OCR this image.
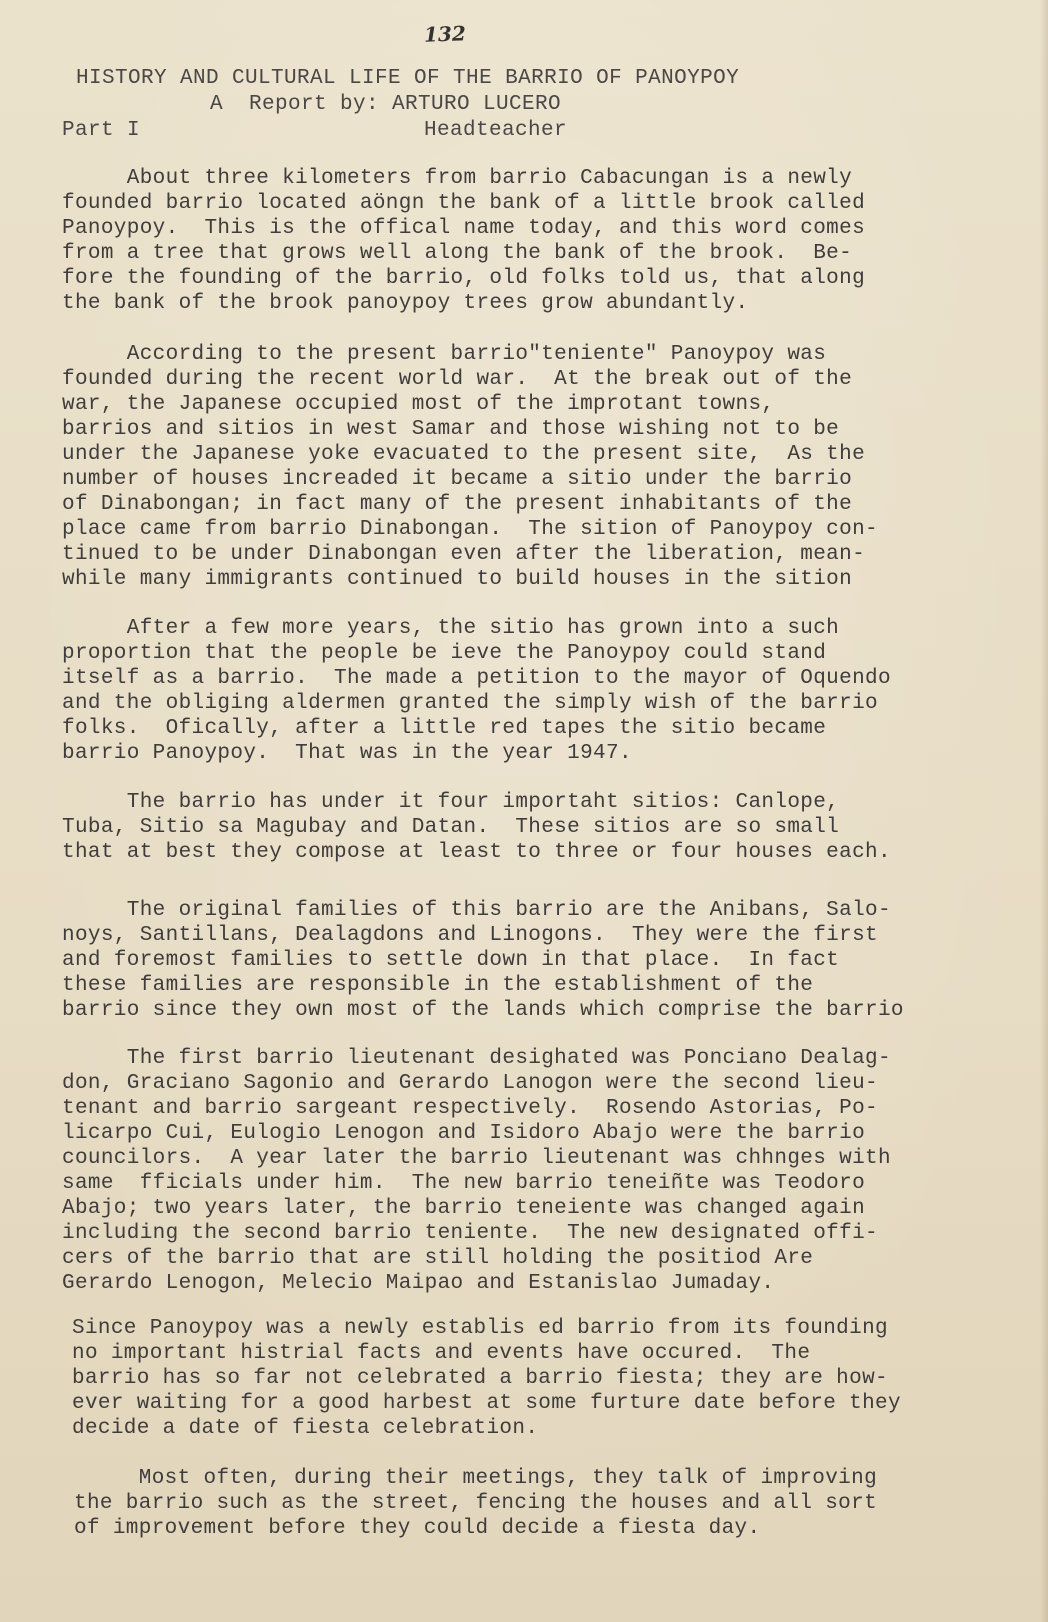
132
HISTORY AND CULTURAL LIFE OF THE BARRIO OF PANOYPOY
A  Report by: ARTURO LUCERO
Part I	Headteacher
About three kilometers from barrio Cabacungan is a newly
founded barrio located aöngn the bank of a little brook called
Panoypoy.  This is the offical name today, and this word comes
from a tree that grows well along the bank of the brook.  Be-
fore the founding of the barrio, old folks told us, that along
the bank of the brook panoypoy trees grow abundantly.
According to the present barrio"teniente" Panoypoy was
founded during the recent world war.  At the break out of the
war, the Japanese occupied most of the improtant towns,
barrios and sitios in west Samar and those wishing not to be
under the Japanese yoke evacuated to the present site,  As the
number of houses increaded it became a sitio under the barrio
of Dinabongan; in fact many of the present inhabitants of the
place came from barrio Dinabongan.  The sition of Panoypoy con-
tinued to be under Dinabongan even after the liberation, mean-
while many immigrants continued to build houses in the sition
After a few more years, the sitio has grown into a such
proportion that the people be ieve the Panoypoy could stand
itself as a barrio.  The made a petition to the mayor of Oquendo
and the obliging aldermen granted the simply wish of the barrio
folks.  Ofically, after a little red tapes the sitio became
barrio Panoypoy.  That was in the year 1947.
The barrio has under it four importaht sitios: Canlope,
Tuba, Sitio sa Magubay and Datan.  These sitios are so small
that at best they compose at least to three or four houses each.
The original families of this barrio are the Anibans, Salo-
noys, Santillans, Dealagdons and Linogons.  They were the first
and foremost families to settle down in that place.  In fact
these families are responsible in the establishment of the
barrio since they own most of the lands which comprise the barrio
The first barrio lieutenant desighated was Ponciano Dealag-
don, Graciano Sagonio and Gerardo Lanogon were the second lieu-
tenant and barrio sargeant respectively.  Rosendo Astorias, Po-
licarpo Cui, Eulogio Lenogon and Isidoro Abajo were the barrio
councilors.  A year later the barrio lieutenant was chhnges with
same  fficials under him.  The new barrio teneiñte was Teodoro
Abajo; two years later, the barrio teneiente was changed again
including the second barrio teniente.  The new designated offi-
cers of the barrio that are still holding the positiod Are
Gerardo Lenogon, Melecio Maipao and Estanislao Jumaday.
Since Panoypoy was a newly establis ed barrio from its founding
no important histrial facts and events have occured.  The
barrio has so far not celebrated a barrio fiesta; they are how-
ever waiting for a good harbest at some furture date before they
decide a date of fiesta celebration.
Most often, during their meetings, they talk of improving
the barrio such as the street, fencing the houses and all sort
of improvement before they could decide a fiesta day.
